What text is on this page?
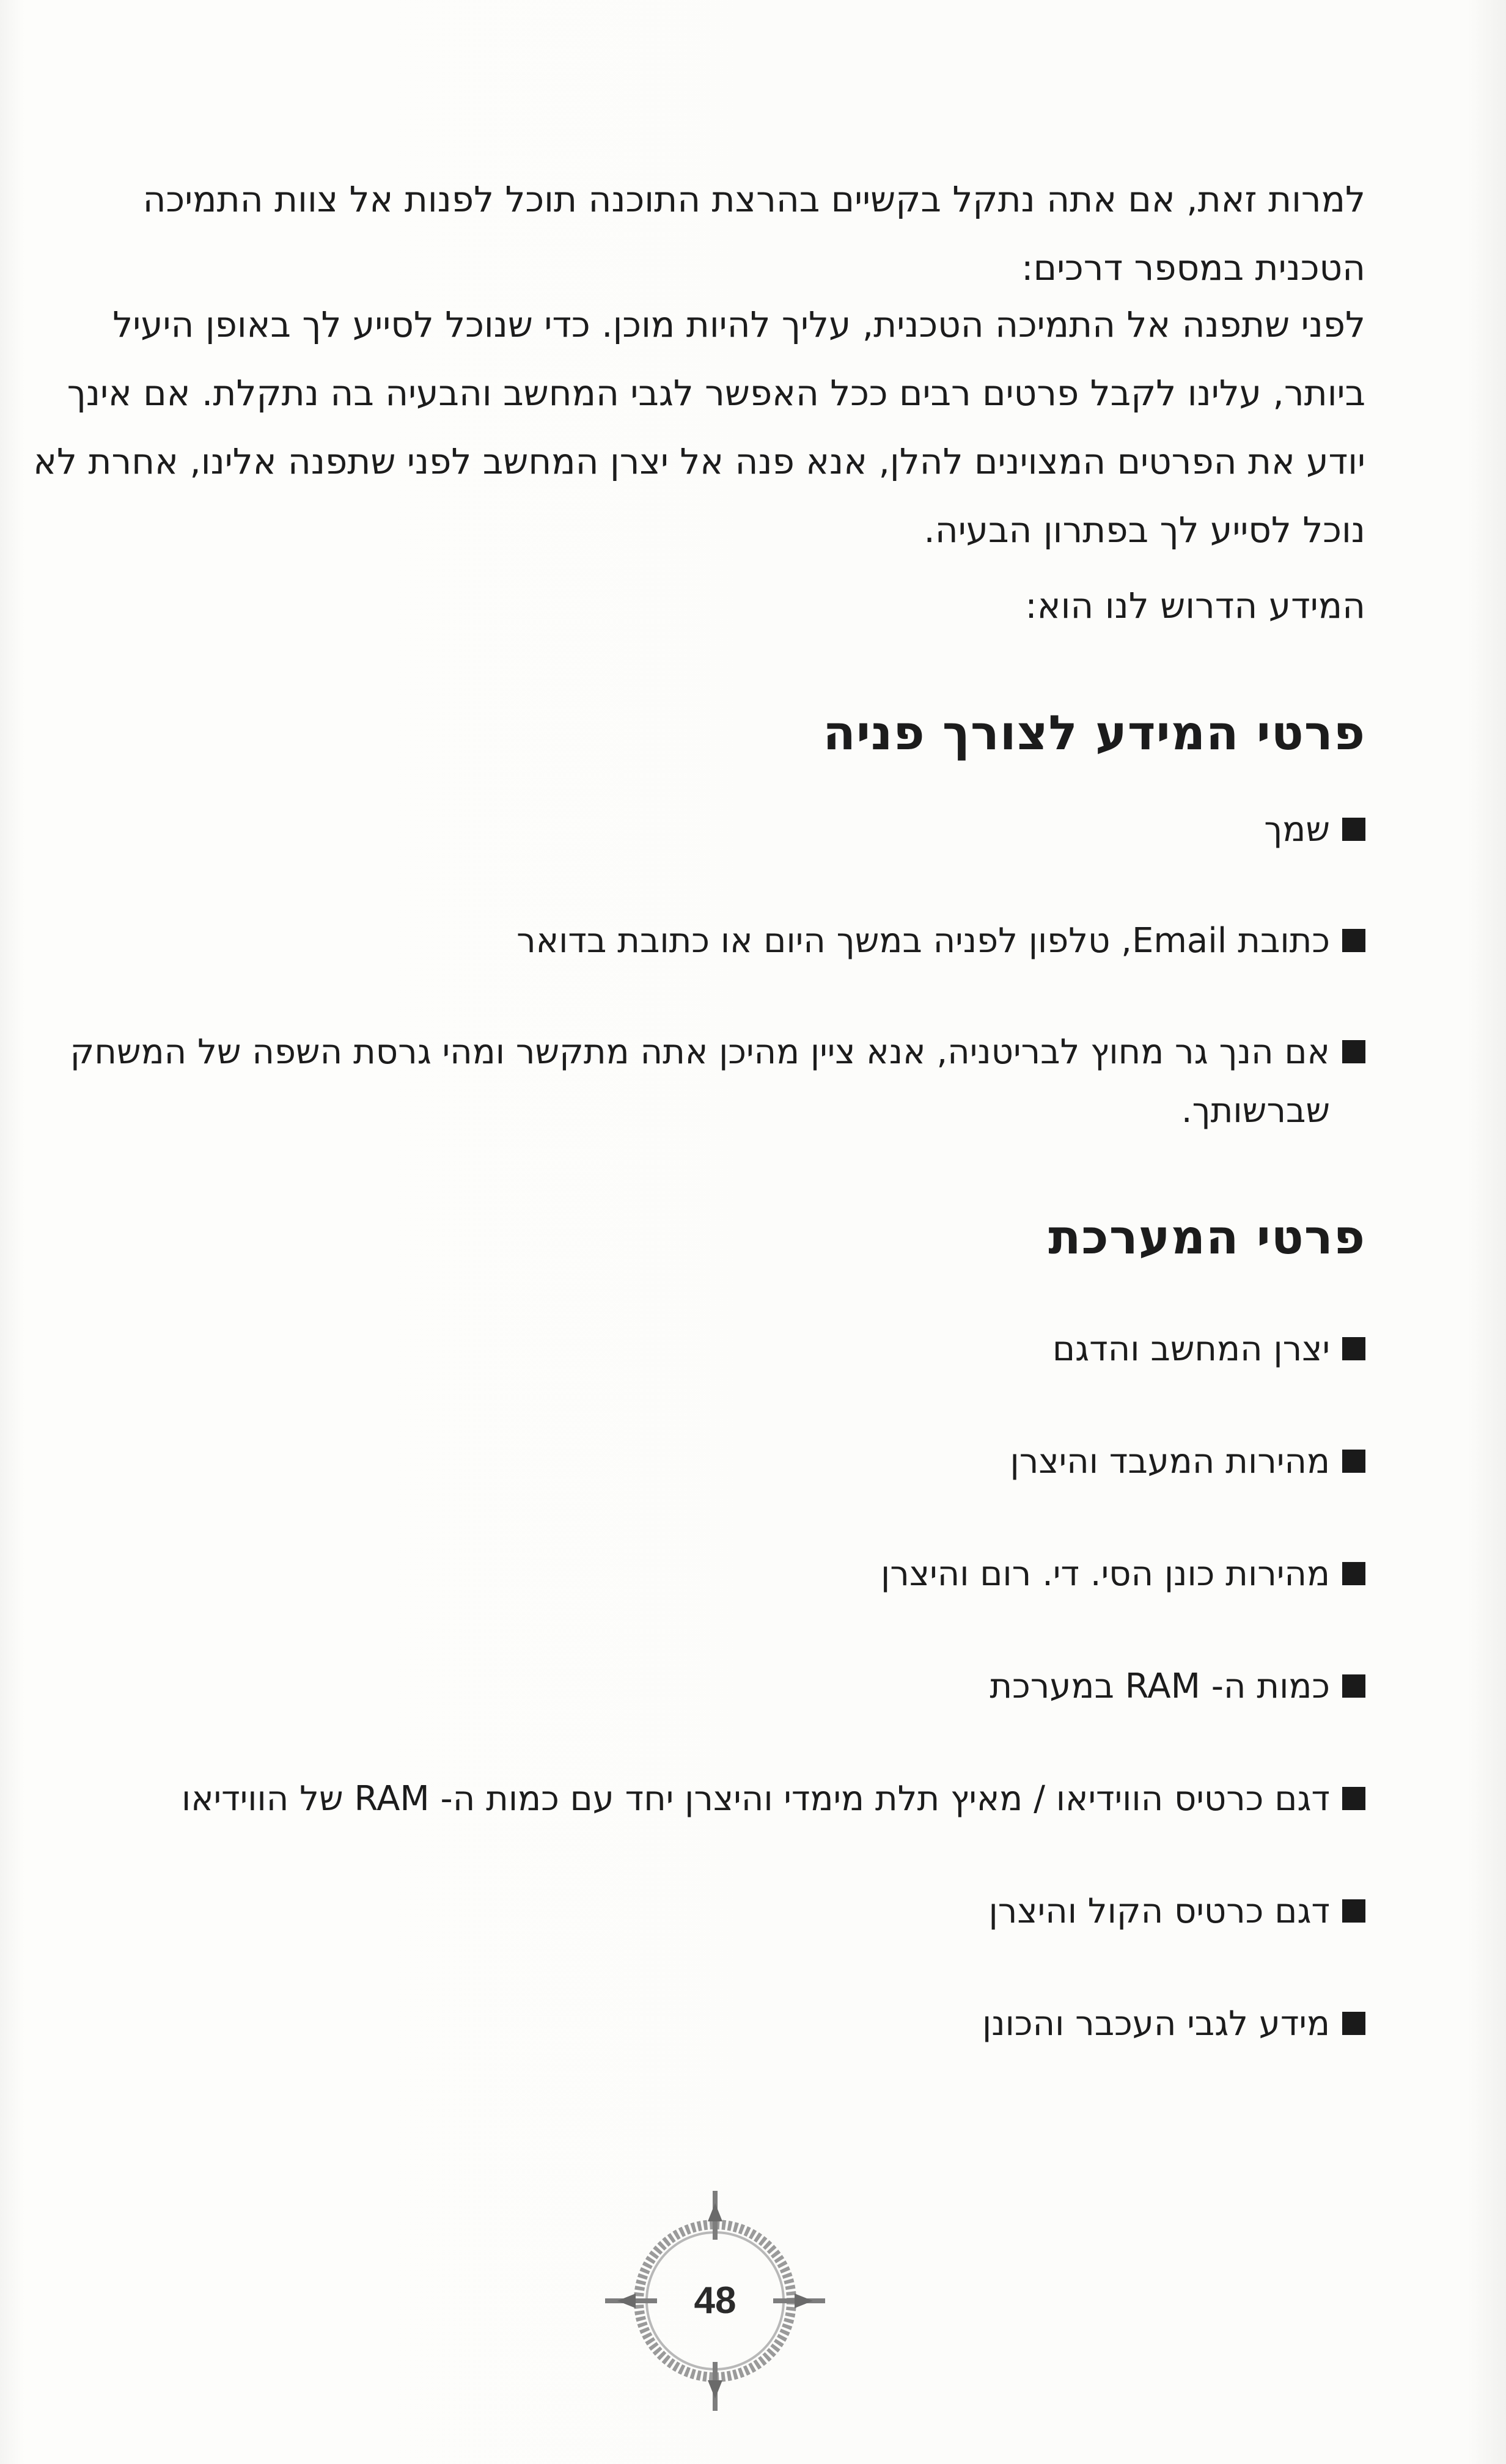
למרות זאת, אם אתה נתקל בקשיים בהרצת התוכנה תוכל לפנות אל צוות התמיכה הטכנית במספר דרכים:

לפני שתפנה אל התמיכה הטכנית, עליך להיות מוכן. כדי שנוכל לסייע לך באופן היעיל ביותר, עלינו לקבל פרטים רבים ככל האפשר לגבי המחשב והבעיה בה נתקלת. אם אינך יודע את הפרטים המצוינים להלן, אנא פנה אל יצרן המחשב לפני שתפנה אלינו, אחרת לא נוכל לסייע לך בפתרון הבעיה.

המידע הדרוש לנו הוא:

פרטי המידע לצורך פניה
שמך
כתובת Email, טלפון לפניה במשך היום או כתובת בדואר
אם הנך גר מחוץ לבריטניה, אנא ציין מהיכן אתה מתקשר ומהי גרסת השפה של המשחק שברשותך.
פרטי המערכת
יצרן המחשב והדגם
מהירות המעבד והיצרן
מהירות כונן הסי. די. רום והיצרן
כמות ה- RAM במערכת
דגם כרטיס הווידיאו / מאיץ תלת מימדי והיצרן יחד עם כמות ה- RAM של הווידיאו
דגם כרטיס הקול והיצרן
מידע לגבי העכבר והכונן
48
